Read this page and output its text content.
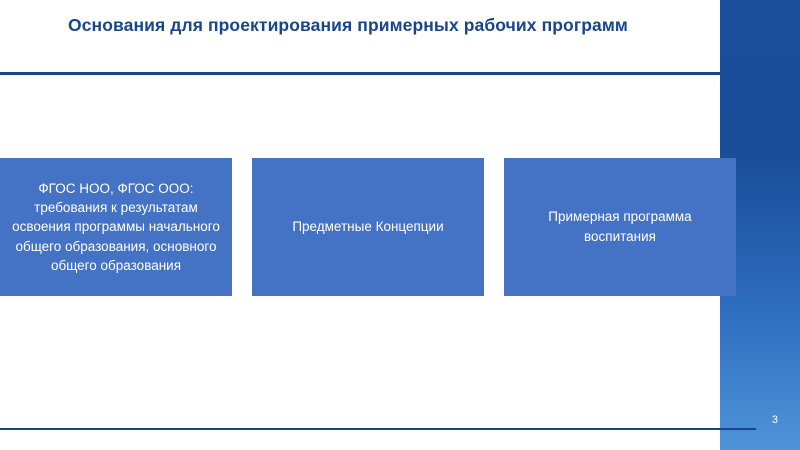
Академия
МИНПРОСВЕЩЕНИЯ РОССИИ
Основания для проектирования примерных рабочих программ
ФГОС НОО, ФГОС ООО: требования к результатам освоения программы начального общего образования, основного общего образования
Предметные Концепции
Примерная программа воспитания
3
